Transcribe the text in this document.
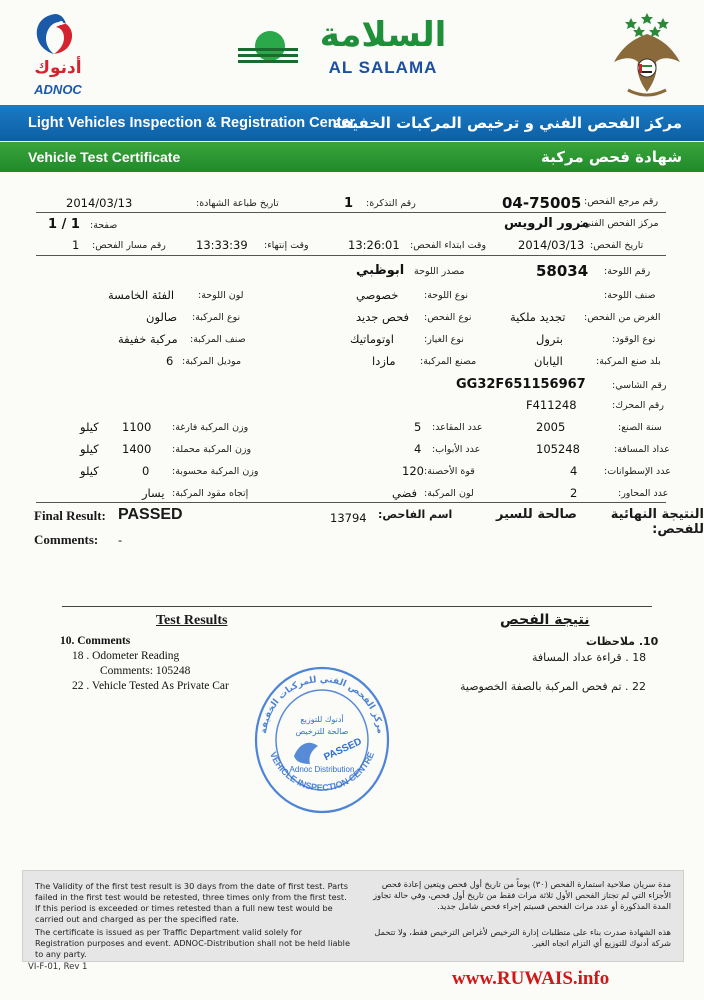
أدنوك
ADNOC
السلامة
AL SALAMA
Light Vehicles Inspection & Registration Center
مركز الفحص الفني و ترخيص المركبات الخفيفة
Vehicle Test Certificate	شهادة فحص مركبة
رقم مرجع الفحص:
04-75005
رقم التذكرة:
1
تاريخ طباعة الشهادة:
2014/03/13
مركز الفحص الفني:
مرور الرويس
صفحة:
1 / 1
تاريخ الفحص:
2014/03/13
وقت ابتداء الفحص:
13:26:01
وقت إنتهاء:
13:33:39
رقم مسار الفحص:
1
رقم اللوحة:
58034
مصدر اللوحة
ابوظبي
صنف اللوحة:
نوع اللوحة:
خصوصي
لون اللوحة:
الفئة الخامسة
الغرض من الفحص:
تجديد ملكية
نوع الفحص:
فحص جديد
نوع المركبة:
صالون
نوع الوقود:
بترول
نوع الغيار:
اوتوماتيك
صنف المركبة:
مركبة خفيفة
بلد صنع المركبة:
اليابان
مصنع المركبة:
مازدا
موديل المركبة:
6
رقم الشاسي:
GG32F651156967
رقم المحرك:
F411248
سنة الصنع:
2005
عدد المقاعد:
5
وزن المركبة فارغة:
1100
كيلو
عداد المسافة:
105248
عدد الأبواب:
4
وزن المركبة محملة:
1400
كيلو
عدد الإسطوانات:
4
قوة الأحصنة:
120
وزن المركبة محسوبة:
0
كيلو
عدد المحاور:
2
لون المركبة:
فضي
إتجاه مقود المركبة:
يسار
Final Result: PASSED	13794 اسم الفاحص:	النتيجة النهائية للفحص:
صالحة للسير
Comments: -
Test Results	نتيجة الفحص
10. Comments
18 . Odometer Reading
Comments: 105248
22 . Vehicle Tested As Private Car
10. ملاحظات
18 . قراءة عداد المسافة
22 . تم فحص المركبة بالصفة الخصوصية
مركز الفحص الفني للمركبات الخفيفة
VEHICLE INSPECTION CENTRE
أدنوك للتوزيع
صالحة للترخيص
PASSED
Adnoc Distribution
The Validity of the first test result is 30 days from the date of first test. Parts failed in the first test would be retested, three times only from the first test. If this period is exceeded or times retested than a full new test would be carried out and charged as per the specified rate.
The certificate is issued as per Traffic Department valid solely for Registration purposes and event. ADNOC-Distribution shall not be held liable to any party.
مدة سريان صلاحية استمارة الفحص (٣٠) يوماً من تاريخ أول فحص ويتعين إعادة فحص الأجزاء التي لم تجتاز الفحص الأول ثلاثة مرات فقط من تاريخ أول فحص، وفي حالة تجاوز المدة المذكورة أو عدد مرات الفحص فسيتم إجراء فحص شامل جديد.
هذه الشهادة صدرت بناء على متطلبات إدارة الترخيص لأغراض الترخيص فقط، ولا تتحمل شركة أدنوك للتوزيع أي التزام اتجاه الغير.
VI-F-01, Rev 1
www.RUWAIS.info
